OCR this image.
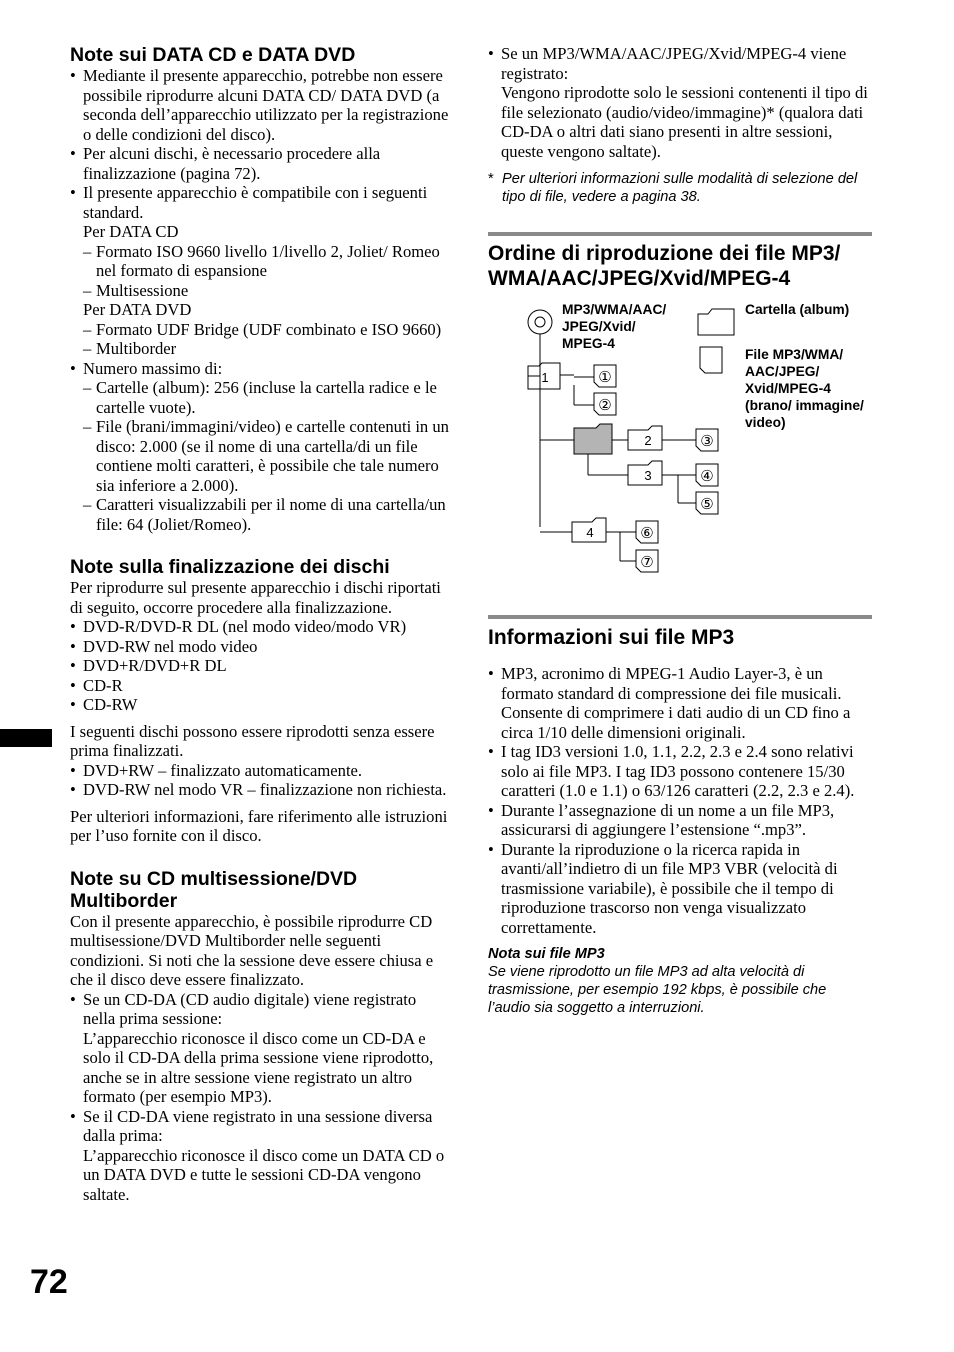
Note sui DATA CD e DATA DVD
• Mediante il presente apparecchio, potrebbe non essere possibile riprodurre alcuni DATA CD/ DATA DVD (a seconda dell’apparecchio utilizzato per la registrazione o delle condizioni del disco).
• Per alcuni dischi, è necessario procedere alla finalizzazione (pagina 72).
• Il presente apparecchio è compatibile con i seguenti standard.
Per DATA CD
– Formato ISO 9660 livello 1/livello 2, Joliet/ Romeo nel formato di espansione
– Multisessione
Per DATA DVD
– Formato UDF Bridge (UDF combinato e ISO 9660)
– Multiborder
• Numero massimo di:
– Cartelle (album): 256 (incluse la cartella radice e le cartelle vuote).
– File (brani/immagini/video) e cartelle contenuti in un disco: 2.000 (se il nome di una cartella/di un file contiene molti caratteri, è possibile che tale numero sia inferiore a 2.000).
– Caratteri visualizzabili per il nome di una cartella/un file: 64 (Joliet/Romeo).
Note sulla finalizzazione dei dischi

Per riprodurre sul presente apparecchio i dischi riportati di seguito, occorre procedere alla finalizzazione.

• DVD-R/DVD-R DL (nel modo video/modo VR)
• DVD-RW nel modo video
• DVD+R/DVD+R DL
• CD-R
• CD-RW

I seguenti dischi possono essere riprodotti senza essere prima finalizzati.

• DVD+RW – finalizzato automaticamente.
• DVD-RW nel modo VR – finalizzazione non richiesta.

Per ulteriori informazioni, fare riferimento alle istruzioni per l’uso fornite con il disco.

Note su CD multisessione/DVD Multiborder

Con il presente apparecchio, è possibile riprodurre CD multisessione/DVD Multiborder nelle seguenti condizioni. Si noti che la sessione deve essere chiusa e che il disco deve essere finalizzato.

• Se un CD-DA (CD audio digitale) viene registrato nella prima sessione:
L’apparecchio riconosce il disco come un CD-DA e solo il CD-DA della prima sessione viene riprodotto, anche se in altre sessione viene registrato un altro formato (per esempio MP3).
• Se il CD-DA viene registrato in una sessione diversa dalla prima:
L’apparecchio riconosce il disco come un DATA CD o un DATA DVD e tutte le sessioni CD-DA vengono saltate.
• Se un MP3/WMA/AAC/JPEG/Xvid/MPEG-4 viene registrato:
Vengono riprodotte solo le sessioni contenenti il tipo di file selezionato (audio/video/immagine)* (qualora dati CD-DA o altri dati siano presenti in altre sessioni, queste vengono saltate).
* Per ulteriori informazioni sulle modalità di selezione del tipo di file, vedere a pagina 38.
Ordine di riproduzione dei file MP3/ WMA/AAC/JPEG/Xvid/MPEG-4
1
2
3
4
①
②
③
④
⑤
⑥
⑦
MP3/WMA/AAC/ JPEG/Xvid/ MPEG-4
Cartella (album)
File MP3/WMA/ AAC/JPEG/ Xvid/MPEG-4 (brano/ immagine/ video)
Informazioni sui file MP3
• MP3, acronimo di MPEG-1 Audio Layer-3, è un formato standard di compressione dei file musicali. Consente di comprimere i dati audio di un CD fino a circa 1/10 delle dimensioni originali.
• I tag ID3 versioni 1.0, 1.1, 2.2, 2.3 e 2.4 sono relativi solo ai file MP3. I tag ID3 possono contenere 15/30 caratteri (1.0 e 1.1) o 63/126 caratteri (2.2, 2.3 e 2.4).
• Durante l’assegnazione di un nome a un file MP3, assicurarsi di aggiungere l’estensione “.mp3”.
• Durante la riproduzione o la ricerca rapida in avanti/all’indietro di un file MP3 VBR (velocità di trasmissione variabile), è possibile che il tempo di riproduzione trascorso non venga visualizzato correttamente.
Nota sui file MP3
Se viene riprodotto un file MP3 ad alta velocità di trasmissione, per esempio 192 kbps, è possibile che l’audio sia soggetto a interruzioni.
72
